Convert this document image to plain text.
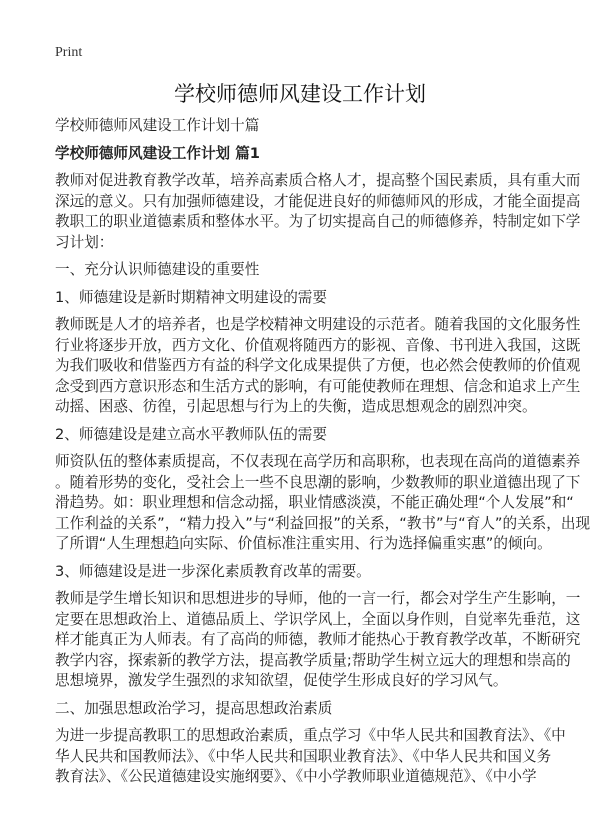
Print
学校师德师风建设工作计划
学校师德师风建设工作计划十篇
学校师德师风建设工作计划 篇1
教师对促进教育教学改革，培养高素质合格人才，提高整个国民素质，具有重大而
深远的意义。只有加强师德建设，才能促进良好的师德师风的形成，才能全面提高
教职工的职业道德素质和整体水平。为了切实提高自己的师德修养，特制定如下学
习计划：
一、充分认识师德建设的重要性
1、师德建设是新时期精神文明建设的需要
教师既是人才的培养者，也是学校精神文明建设的示范者。随着我国的文化服务性
行业将逐步开放，西方文化、价值观将随西方的影视、音像、书刊进入我国，这既
为我们吸收和借鉴西方有益的科学文化成果提供了方便，也必然会使教师的价值观
念受到西方意识形态和生活方式的影响，有可能使教师在理想、信念和追求上产生
动摇、困惑、彷徨，引起思想与行为上的失衡，造成思想观念的剧烈冲突。
2、师德建设是建立高水平教师队伍的需要
师资队伍的整体素质提高，不仅表现在高学历和高职称，也表现在高尚的道德素养
。随着形势的变化，受社会上一些不良思潮的影响，少数教师的职业道德出现了下
滑趋势。如：职业理想和信念动摇，职业情感淡漠，不能正确处理“个人发展”和“
工作利益的关系”，“精力投入”与“利益回报”的关系，“教书”与“育人”的关系，出现
了所谓“人生理想趋向实际、价值标准注重实用、行为选择偏重实惠”的倾向。
3、师德建设是进一步深化素质教育改革的需要。
教师是学生增长知识和思想进步的导师，他的一言一行，都会对学生产生影响，一
定要在思想政治上、道德品质上、学识学风上，全面以身作则，自觉率先垂范，这
样才能真正为人师表。有了高尚的师德，教师才能热心于教育教学改革，不断研究
教学内容，探索新的教学方法，提高教学质量;帮助学生树立远大的理想和崇高的
思想境界，激发学生强烈的求知欲望，促使学生形成良好的学习风气。
二、加强思想政治学习，提高思想政治素质
为进一步提高教职工的思想政治素质，重点学习《中华人民共和国教育法》、《中
华人民共和国教师法》、《中华人民共和国职业教育法》、《中华人民共和国义务
教育法》、《公民道德建设实施纲要》、《中小学教师职业道德规范》、《中小学
